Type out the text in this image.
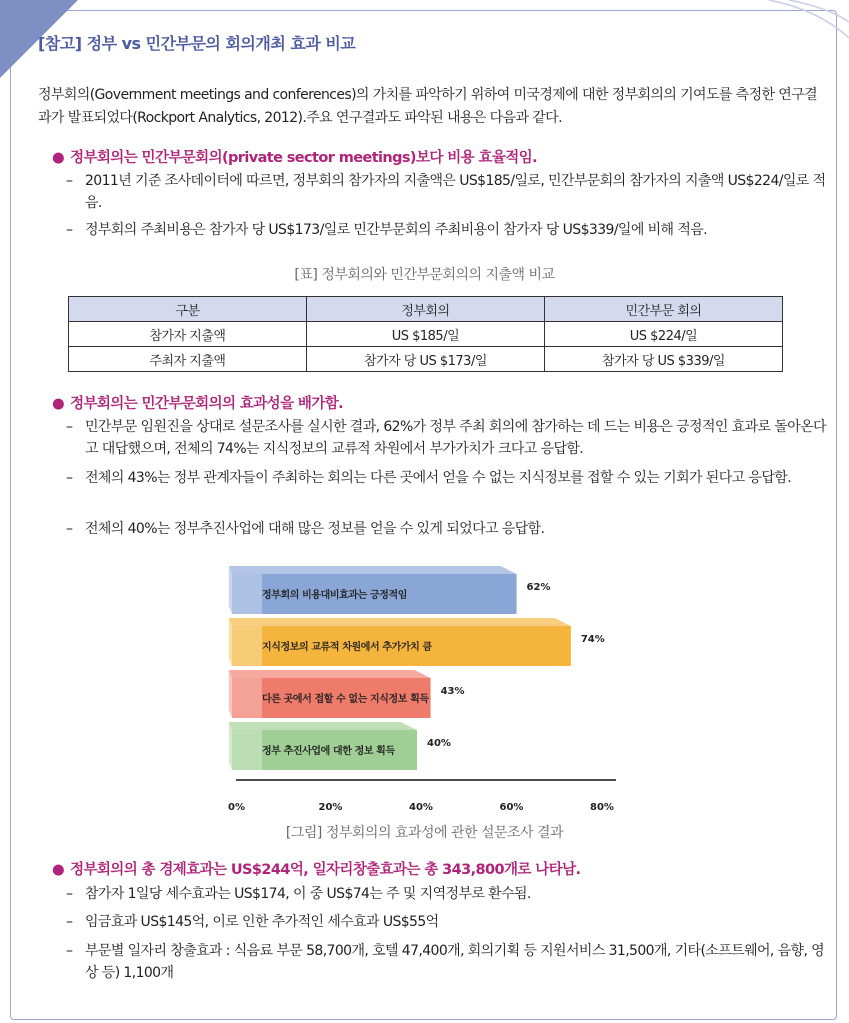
[참고] 정부 vs 민간부문의 회의개최 효과 비교
정부회의(Government meetings and conferences)의 가치를 파악하기 위하여 미국경제에 대한 정부회의의 기여도를 측정한 연구결과가 발표되었다(Rockport Analytics, 2012).주요 연구결과도 파악된 내용은 다음과 같다.
● 정부회의는 민간부문회의(private sector meetings)보다 비용 효율적임.
– 2011년 기준 조사데이터에 따르면, 정부회의 참가자의 지출액은 US$185/일로, 민간부문회의 참가자의 지출액 US$224/일로 적음.
– 정부회의 주최비용은 참가자 당 US$173/일로 민간부문회의 주최비용이 참가자 당 US$339/일에 비해 적음.
[표] 정부회의와 민간부문회의의 지출액 비교
구분	정부회의	민간부문 회의
참가자 지출액	US $185/일	US $224/일
주최자 지출액	참가자 당 US $173/일	참가자 당 US $339/일
● 정부회의는 민간부문회의의 효과성을 배가함.
– 민간부문 임원진을 상대로 설문조사를 실시한 결과, 62%가 정부 주최 회의에 참가하는 데 드는 비용은 긍정적인 효과로 돌아온다고 대답했으며, 전체의 74%는 지식정보의 교류적 차원에서 부가가치가 크다고 응답함.
– 전체의 43%는 정부 관계자들이 주최하는 회의는 다른 곳에서 얻을 수 없는 지식정보를 접할 수 있는 기회가 된다고 응답함.
– 전체의 40%는 정부추진사업에 대해 많은 정보를 얻을 수 있게 되었다고 응답함.
정부회의 비용대비효과는 긍정적임
62%
지식정보의 교류적 차원에서 추가가치 큼
74%
다른 곳에서 접할 수 없는 지식정보 획득
43%
정부 추진사업에 대한 정보 획득
40%
0%	20%	40%	60%	80%
[그림] 정부회의의 효과성에 관한 설문조사 결과
● 정부회의의 총 경제효과는 US$244억, 일자리창출효과는 총 343,800개로 나타남.
– 참가자 1일당 세수효과는 US$174, 이 중 US$74는 주 및 지역정부로 환수됨.
– 임금효과 US$145억, 이로 인한 추가적인 세수효과 US$55억
– 부문별 일자리 창출효과 : 식음료 부문 58,700개, 호텔 47,400개, 회의기획 등 지원서비스 31,500개, 기타(소프트웨어, 음향, 영상 등) 1,100개
